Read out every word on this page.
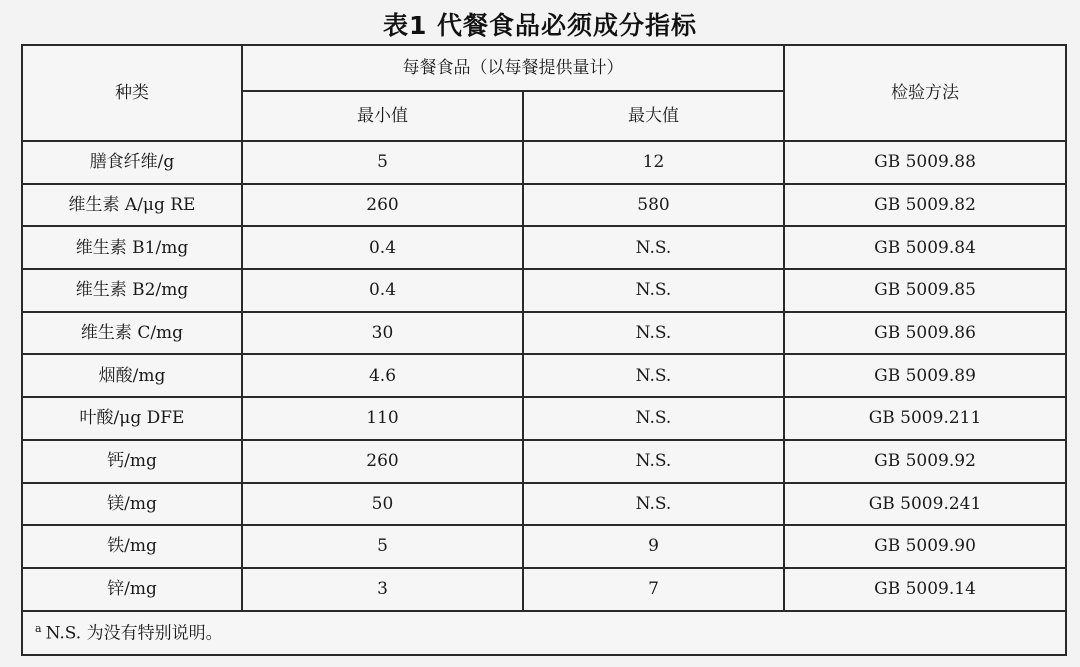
表1 代餐食品必须成分指标
种类	每餐食品（以每餐提供量计）		检验方法
	最小值	最大值	
膳食纤维/g	5	12	GB 5009.88
维生素 A/μg RE	260	580	GB 5009.82
维生素 B1/mg	0.4	N.S.	GB 5009.84
维生素 B2/mg	0.4	N.S.	GB 5009.85
维生素 C/mg	30	N.S.	GB 5009.86
烟酸/mg	4.6	N.S.	GB 5009.89
叶酸/μg DFE	110	N.S.	GB 5009.211
钙/mg	260	N.S.	GB 5009.92
镁/mg	50	N.S.	GB 5009.241
铁/mg	5	9	GB 5009.90
锌/mg	3	7	GB 5009.14
$^a$ N.S. 为没有特别说明。			
